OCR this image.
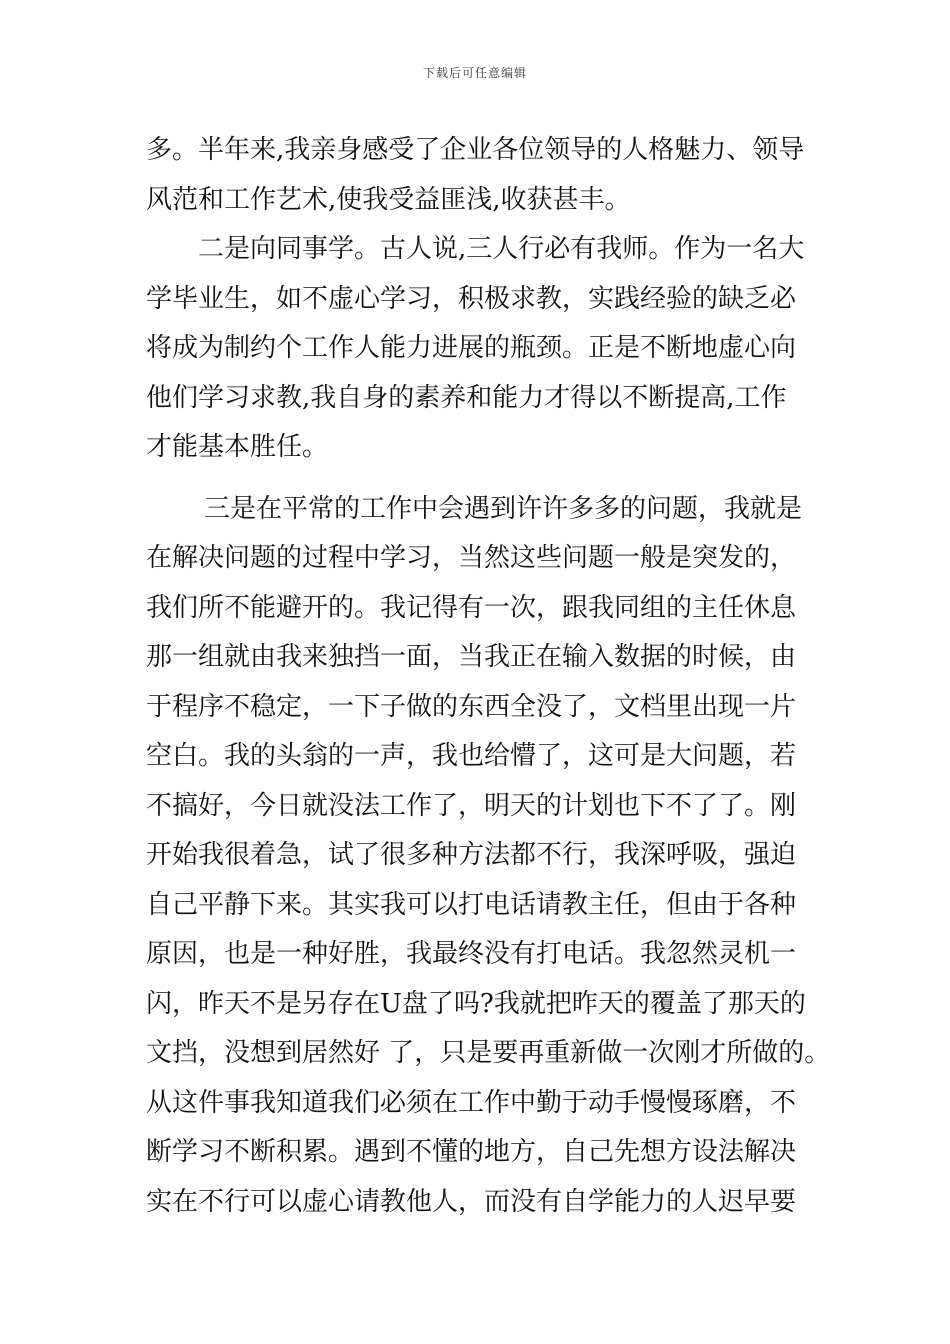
下载后可任意编辑
多。半年来,我亲身感受了企业各位领导的人格魅力、领导
风范和工作艺术,使我受益匪浅,收获甚丰。
二是向同事学。古人说,三人行必有我师。作为一名大
学毕业生，如不虚心学习，积极求教，实践经验的缺乏必
将成为制约个工作人能力进展的瓶颈。正是不断地虚心向
他们学习求教,我自身的素养和能力才得以不断提高,工作
才能基本胜任。
三是在平常的工作中会遇到许许多多的问题，我就是
在解决问题的过程中学习，当然这些问题一般是突发的，
我们所不能避开的。我记得有一次，跟我同组的主任休息
那一组就由我来独挡一面，当我正在输入数据的时候，由
于程序不稳定，一下子做的东西全没了，文档里出现一片
空白。我的头翁的一声，我也给懵了，这可是大问题，若
不搞好，今日就没法工作了，明天的计划也下不了了。刚
开始我很着急，试了很多种方法都不行，我深呼吸，强迫
自己平静下来。其实我可以打电话请教主任，但由于各种
原因，也是一种好胜，我最终没有打电话。我忽然灵机一
闪，昨天不是另存在U盘了吗?我就把昨天的覆盖了那天的
文挡，没想到居然好 了，只是要再重新做一次刚才所做的。
从这件事我知道我们必须在工作中勤于动手慢慢琢磨，不
断学习不断积累。遇到不懂的地方，自己先想方设法解决
实在不行可以虚心请教他人，而没有自学能力的人迟早要
